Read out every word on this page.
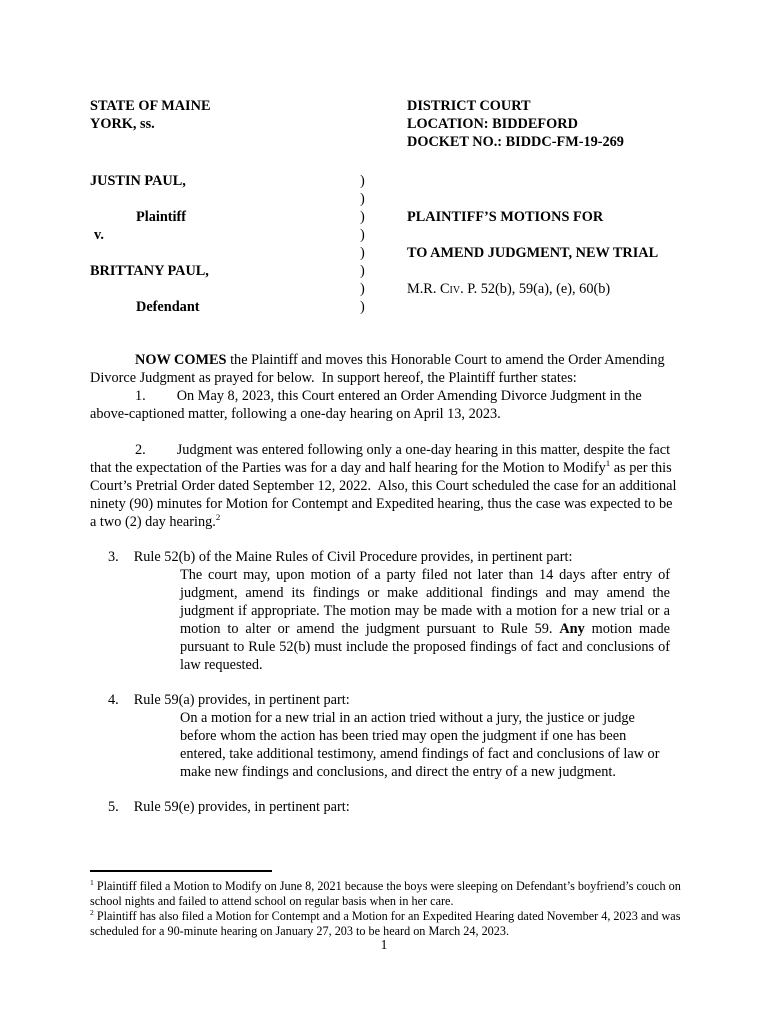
STATE OF MAINE
YORK, ss.
DISTRICT COURT
LOCATION: BIDDEFORD
DOCKET NO.: BIDDC-FM-19-269
JUSTIN PAUL,	)
)
Plaintiff	)	PLAINTIFF’S MOTIONS FOR
v.	)
)	TO AMEND JUDGMENT, NEW TRIAL
BRITTANY PAUL,	)
)	M.R. Civ. P. 52(b), 59(a), (e), 60(b)
Defendant	)

NOW COMES the Plaintiff and moves this Honorable Court to amend the Order Amending Divorce Judgment as prayed for below.  In support hereof, the Plaintiff further states:

1. On May 8, 2023, this Court entered an Order Amending Divorce Judgment in the above-captioned matter, following a one-day hearing on April 13, 2023.

2. Judgment was entered following only a one-day hearing in this matter, despite the fact that the expectation of the Parties was for a day and half hearing for the Motion to Modify$^1$ as per this Court’s Pretrial Order dated September 12, 2022.  Also, this Court scheduled the case for an additional ninety (90) minutes for Motion for Contempt and Expedited hearing, thus the case was expected to be a two (2) day hearing.$^2$

3. Rule 52(b) of the Maine Rules of Civil Procedure provides, in pertinent part:

The court may, upon motion of a party filed not later than 14 days after entry of judgment, amend its findings or make additional findings and may amend the judgment if appropriate. The motion may be made with a motion for a new trial or a motion to alter or amend the judgment pursuant to Rule 59. Any motion made pursuant to Rule 52(b) must include the proposed findings of fact and conclusions of law requested.

4. Rule 59(a) provides, in pertinent part:

On a motion for a new trial in an action tried without a jury, the justice or judge before whom the action has been tried may open the judgment if one has been entered, take additional testimony, amend findings of fact and conclusions of law or make new findings and conclusions, and direct the entry of a new judgment.

5. Rule 59(e) provides, in pertinent part:

$^1$ Plaintiff filed a Motion to Modify on June 8, 2021 because the boys were sleeping on Defendant’s boyfriend’s couch on school nights and failed to attend school on regular basis when in her care.
$^2$ Plaintiff has also filed a Motion for Contempt and a Motion for an Expedited Hearing dated November 4, 2023 and was scheduled for a 90-minute hearing on January 27, 203 to be heard on March 24, 2023.
1
